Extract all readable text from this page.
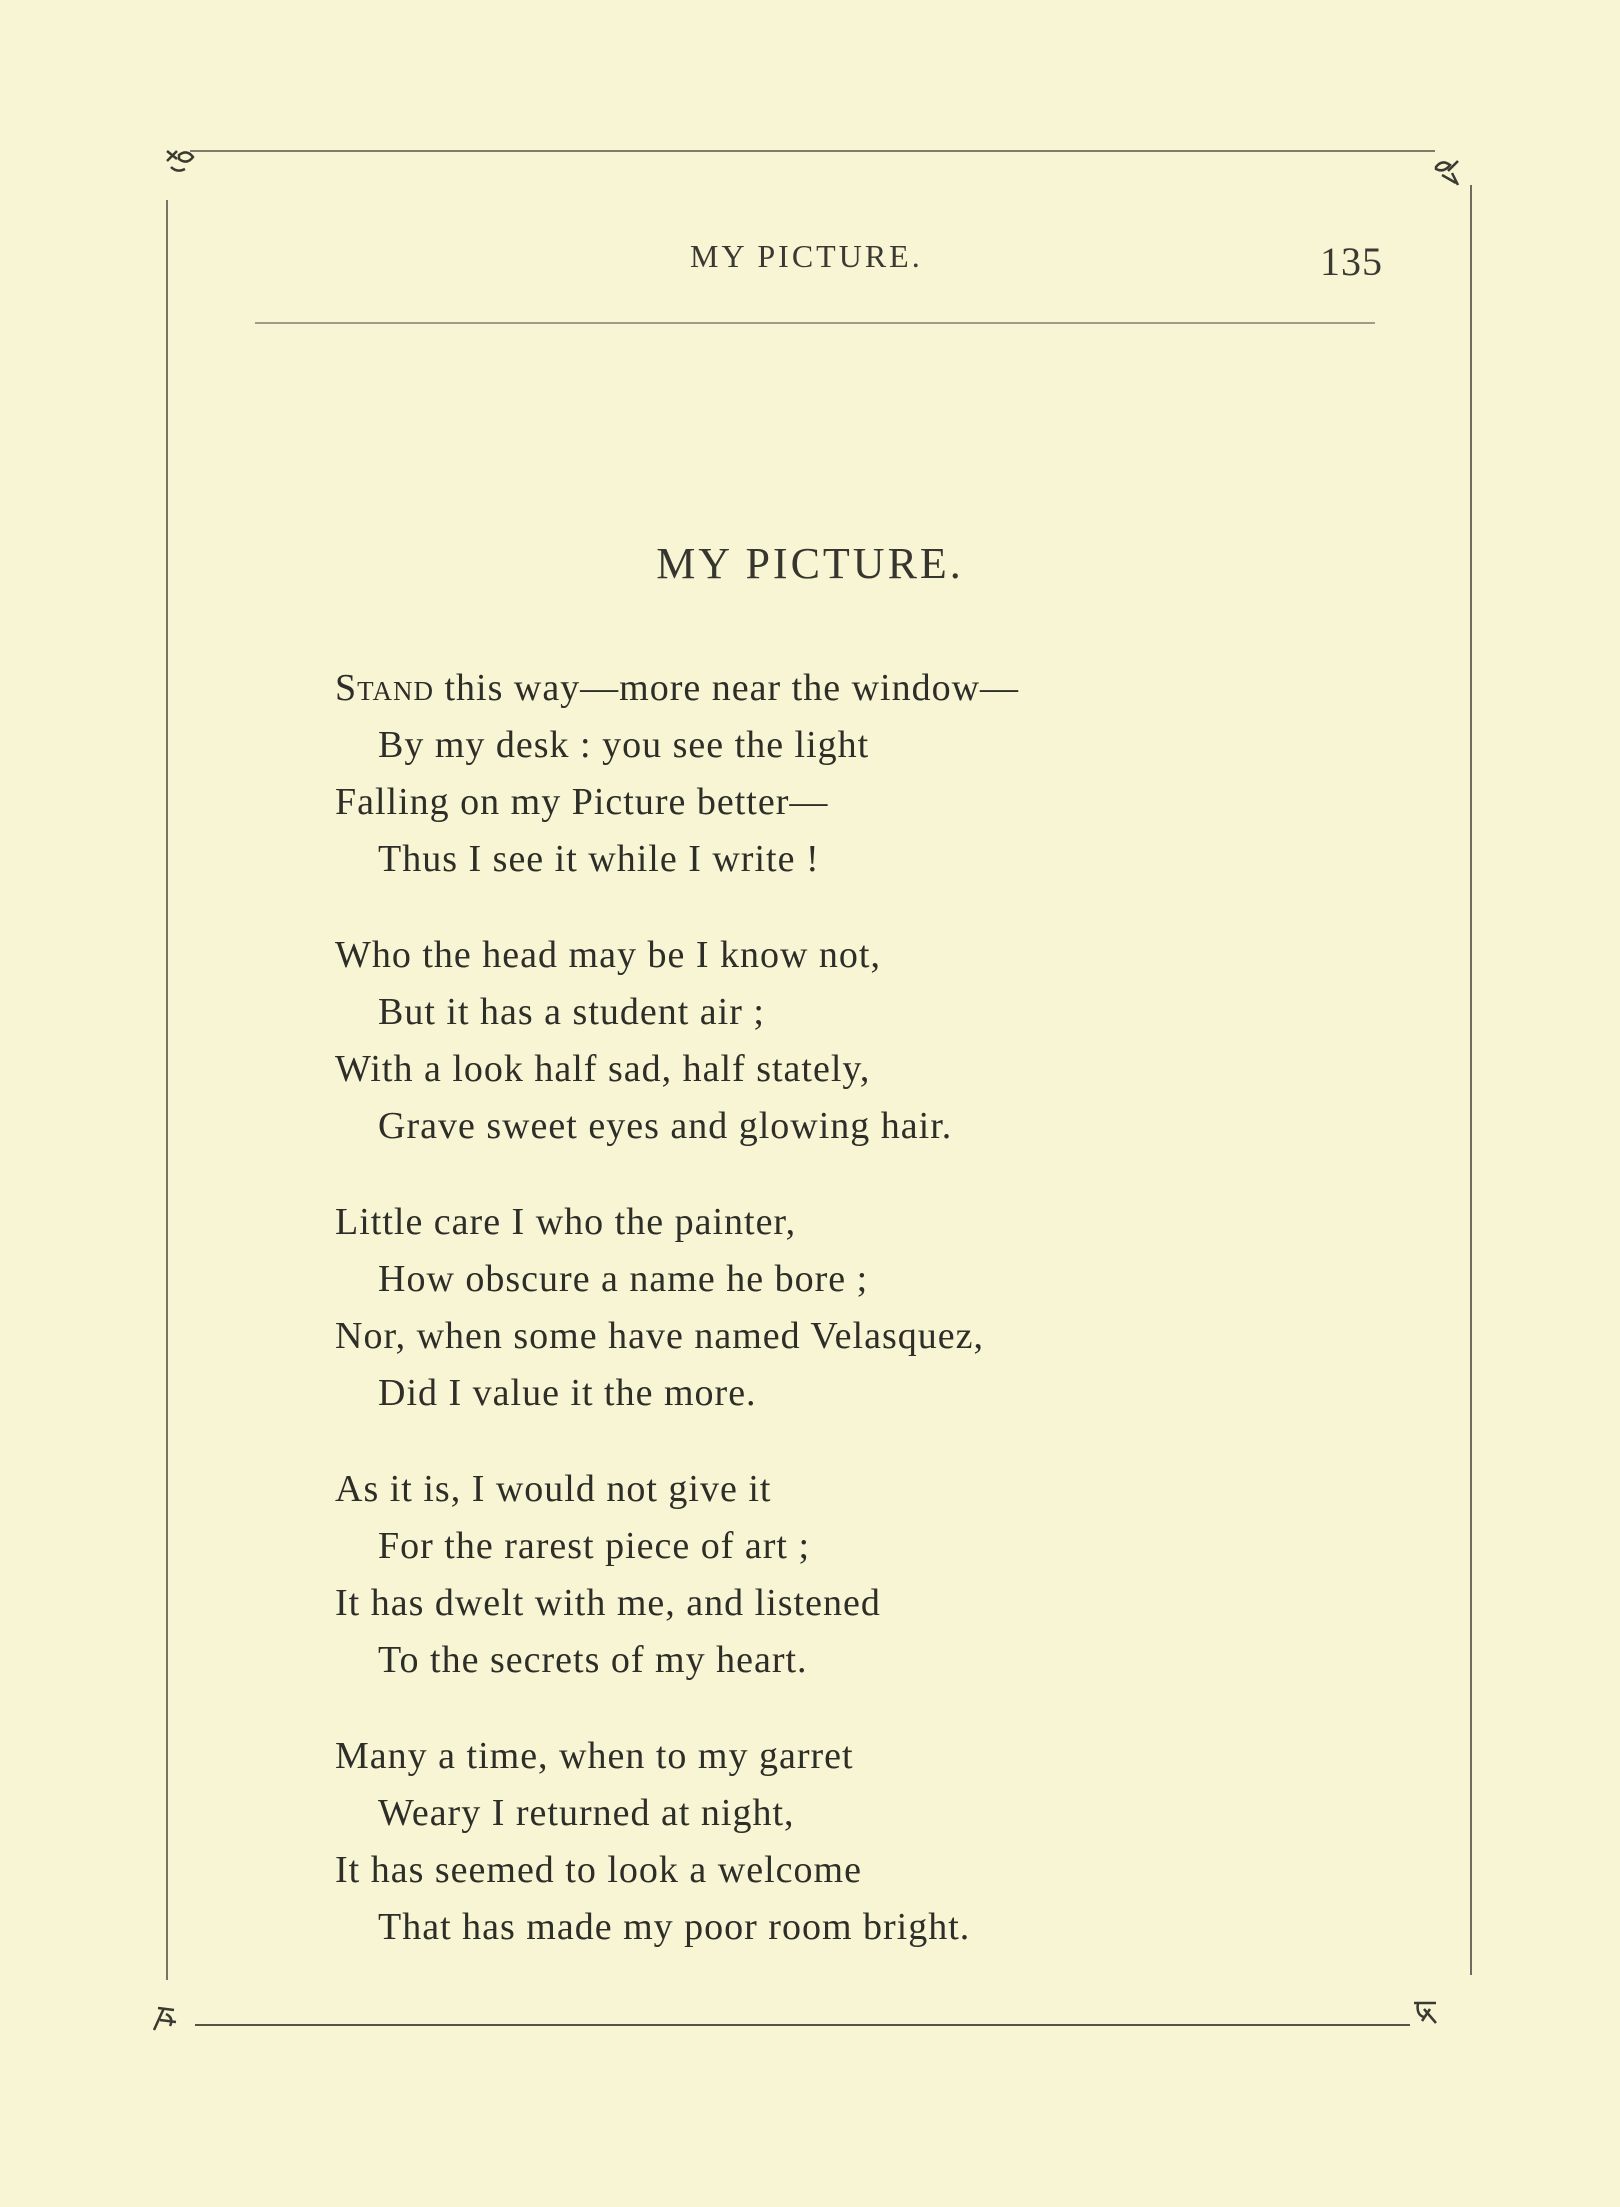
MY PICTURE.	135
MY PICTURE.
Stand this way—more near the window—
By my desk : you see the light
Falling on my Picture better—
Thus I see it while I write !
Who the head may be I know not,
But it has a student air ;
With a look half sad, half stately,
Grave sweet eyes and glowing hair.
Little care I who the painter,
How obscure a name he bore ;
Nor, when some have named Velasquez,
Did I value it the more.
As it is, I would not give it
For the rarest piece of art ;
It has dwelt with me, and listened
To the secrets of my heart.
Many a time, when to my garret
Weary I returned at night,
It has seemed to look a welcome
That has made my poor room bright.
